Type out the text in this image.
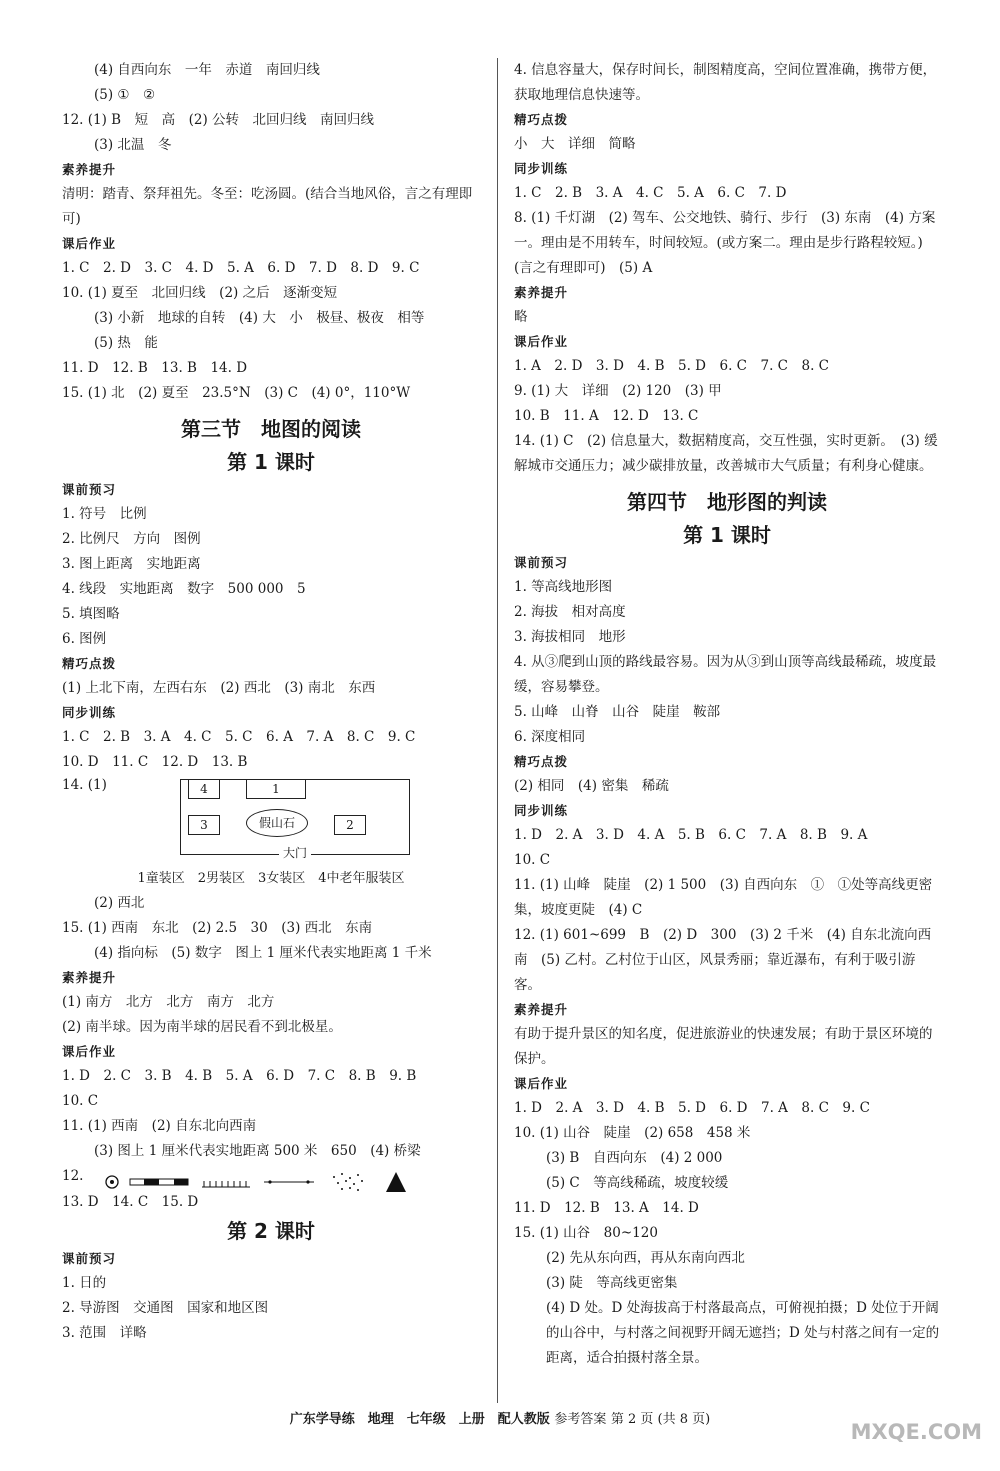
(4) 自西向东　一年　赤道　南回归线
(5) ①　②
12. (1) B　短　高　(2) 公转　北回归线　南回归线
(3) 北温　冬
素养提升
清明：踏青、祭拜祖先。冬至：吃汤圆。(结合当地风俗，言之有理即可)
课后作业
1. C　2. D　3. C　4. D　5. A　6. D　7. D　8. D　9. C
10. (1) 夏至　北回归线　(2) 之后　逐渐变短
(3) 小新　地球的自转　(4) 大　小　极昼、极夜　相等
(5) 热　能
11. D　12. B　13. B　14. D
15. (1) 北　(2) 夏至　23.5°N　(3) C　(4) 0°，110°W
第三节　地图的阅读
第 1 课时
课前预习
1. 符号　比例
2. 比例尺　方向　图例
3. 图上距离　实地距离
4. 线段　实地距离　数字　500 000　5
5. 填图略
6. 图例
精巧点拨
(1) 上北下南，左西右东　(2) 西北　(3) 南北　东西
同步训练
1. C　2. B　3. A　4. C　5. C　6. A　7. A　8. C　9. C
10. D　11. C　12. D　13. B
14. (1)	4	1
3	2
假山石
大门
1童装区　2男装区　3女装区　4中老年服装区
(2) 西北
15. (1) 西南　东北　(2) 2.5　30　(3) 西北　东南
(4) 指向标　(5) 数字　图上 1 厘米代表实地距离 1 千米
素养提升
(1) 南方　北方　北方　南方　北方
(2) 南半球。因为南半球的居民看不到北极星。
课后作业
1. D　2. C　3. B　4. B　5. A　6. D　7. C　8. B　9. B
10. C
11. (1) 西南　(2) 自东北向西南
(3) 图上 1 厘米代表实地距离 500 米　650　(4) 桥梁
12.
13. D　14. C　15. D
第 2 课时
课前预习
1. 日的
2. 导游图　交通图　国家和地区图
3. 范围　详略
4. 信息容量大，保存时间长，制图精度高，空间位置准确，携带方便，获取地理信息快速等。
精巧点拨
小　大　详细　简略
同步训练
1. C　2. B　3. A　4. C　5. A　6. C　7. D
8. (1) 千灯湖　(2) 驾车、公交地铁、骑行、步行　(3) 东南　(4) 方案一。理由是不用转车，时间较短。(或方案二。理由是步行路程较短。)(言之有理即可)　(5) A
素养提升
略
课后作业
1. A　2. D　3. D　4. B　5. D　6. C　7. C　8. C
9. (1) 大　详细　(2) 120　(3) 甲
10. B　11. A　12. D　13. C
14. (1) C　(2) 信息量大，数据精度高，交互性强，实时更新。　(3) 缓解城市交通压力；减少碳排放量，改善城市大气质量；有利身心健康。
第四节　地形图的判读
第 1 课时
课前预习
1. 等高线地形图
2. 海拔　相对高度
3. 海拔相同　地形
4. 从③爬到山顶的路线最容易。因为从③到山顶等高线最稀疏，坡度最缓，容易攀登。
5. 山峰　山脊　山谷　陡崖　鞍部
6. 深度相同
精巧点拨
(2) 相同　(4) 密集　稀疏
同步训练
1. D　2. A　3. D　4. A　5. B　6. C　7. A　8. B　9. A
10. C
11. (1) 山峰　陡崖　(2) 1 500　(3) 自西向东　①　①处等高线更密集，坡度更陡　(4) C
12. (1) 601~699　B　(2) D　300　(3) 2 千米　(4) 自东北流向西南　(5) 乙村。乙村位于山区，风景秀丽；靠近瀑布，有利于吸引游客。
素养提升
有助于提升景区的知名度，促进旅游业的快速发展；有助于景区环境的保护。
课后作业
1. D　2. A　3. D　4. B　5. D　6. D　7. A　8. C　9. C
10. (1) 山谷　陡崖　(2) 658　458 米
(3) B　自西向东　(4) 2 000
(5) C　等高线稀疏，坡度较缓
11. D　12. B　13. A　14. D
15. (1) 山谷　80~120
(2) 先从东向西，再从东南向西北
(3) 陡　等高线更密集
(4) D 处。D 处海拔高于村落最高点，可俯视拍摄；D 处位于开阔的山谷中，与村落之间视野开阔无遮挡；D 处与村落之间有一定的距离，适合拍摄村落全景。
广东学导练　地理　七年级　上册　配人教版 参考答案 第 2 页 (共 8 页)
MXQE.COM
